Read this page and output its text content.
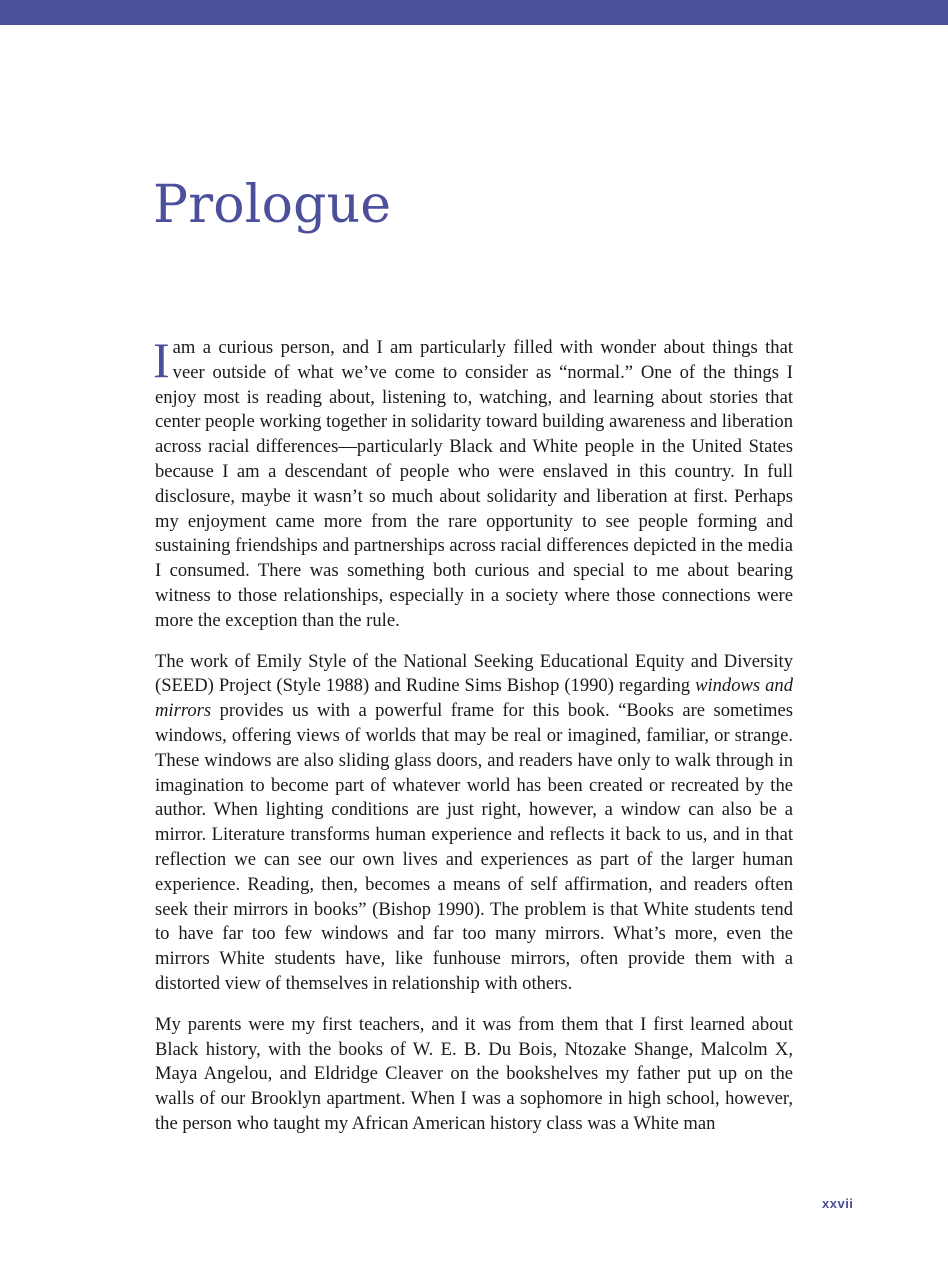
Prologue

Iam a curious person, and I am particularly filled with wonder about things that veer outside of what we’ve come to consider as “normal.” One of the things I enjoy most is reading about, listening to, watching, and learning about stories that center people working together in solidarity toward building awareness and liberation across racial differences—particularly Black and White people in the United States because I am a descendant of people who were enslaved in this country. In full disclosure, maybe it wasn’t so much about solidarity and liberation at first. Perhaps my enjoyment came more from the rare opportunity to see people forming and sustaining friendships and partnerships across racial differences depicted in the media I consumed. There was something both curious and special to me about bearing witness to those relationships, especially in a society where those connections were more the exception than the rule.

The work of Emily Style of the National Seeking Educational Equity and Diversity (SEED) Project (Style 1988) and Rudine Sims Bishop (1990) regarding windows and mirrors provides us with a powerful frame for this book. “Books are sometimes windows, offering views of worlds that may be real or imagined, familiar, or strange. These windows are also sliding glass doors, and readers have only to walk through in imagination to become part of whatever world has been created or recreated by the author. When lighting conditions are just right, however, a window can also be a mirror. Literature transforms human experience and reflects it back to us, and in that reflection we can see our own lives and experiences as part of the larger human experience. Reading, then, becomes a means of self affirmation, and readers often seek their mirrors in books” (Bishop 1990). The problem is that White students tend to have far too few windows and far too many mirrors. What’s more, even the mirrors White students have, like funhouse mirrors, often provide them with a distorted view of themselves in relationship with others.

My parents were my first teachers, and it was from them that I first learned about Black history, with the books of W. E. B. Du Bois, Ntozake Shange, Malcolm X, Maya Angelou, and Eldridge Cleaver on the bookshelves my father put up on the walls of our Brooklyn apartment. When I was a sophomore in high school, however, the person who taught my African American history class was a White man

xxvii
